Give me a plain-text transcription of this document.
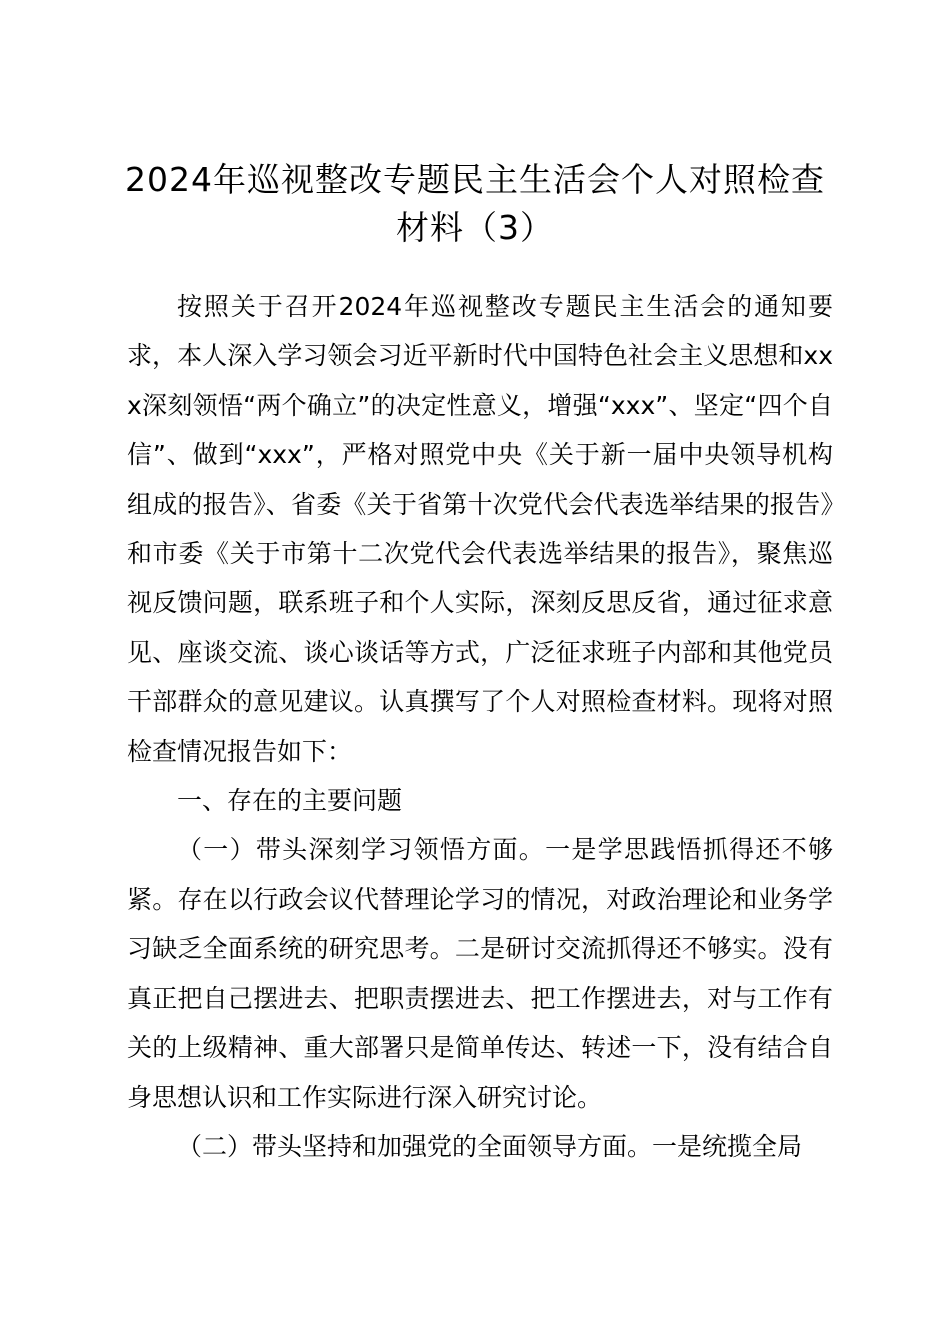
2024年巡视整改专题民主生活会个人对照检查材料（3）

按照关于召开2024年巡视整改专题民主生活会的通知要求，本人深入学习领会习近平新时代中国特色社会主义思想和xxx深刻领悟“两个确立”的决定性意义，增强“xxx”、坚定“四个自信”、做到“xxx”，严格对照党中央《关于新一届中央领导机构组成的报告》、省委《关于省第十次党代会代表选举结果的报告》和市委《关于市第十二次党代会代表选举结果的报告》，聚焦巡视反馈问题，联系班子和个人实际，深刻反思反省，通过征求意见、座谈交流、谈心谈话等方式，广泛征求班子内部和其他党员干部群众的意见建议。认真撰写了个人对照检查材料。现将对照检查情况报告如下：

一、存在的主要问题

（一）带头深刻学习领悟方面。一是学思践悟抓得还不够紧。存在以行政会议代替理论学习的情况，对政治理论和业务学习缺乏全面系统的研究思考。二是研讨交流抓得还不够实。没有真正把自己摆进去、把职责摆进去、把工作摆进去，对与工作有关的上级精神、重大部署只是简单传达、转述一下，没有结合自身思想认识和工作实际进行深入研究讨论。

（二）带头坚持和加强党的全面领导方面。一是统揽全局
